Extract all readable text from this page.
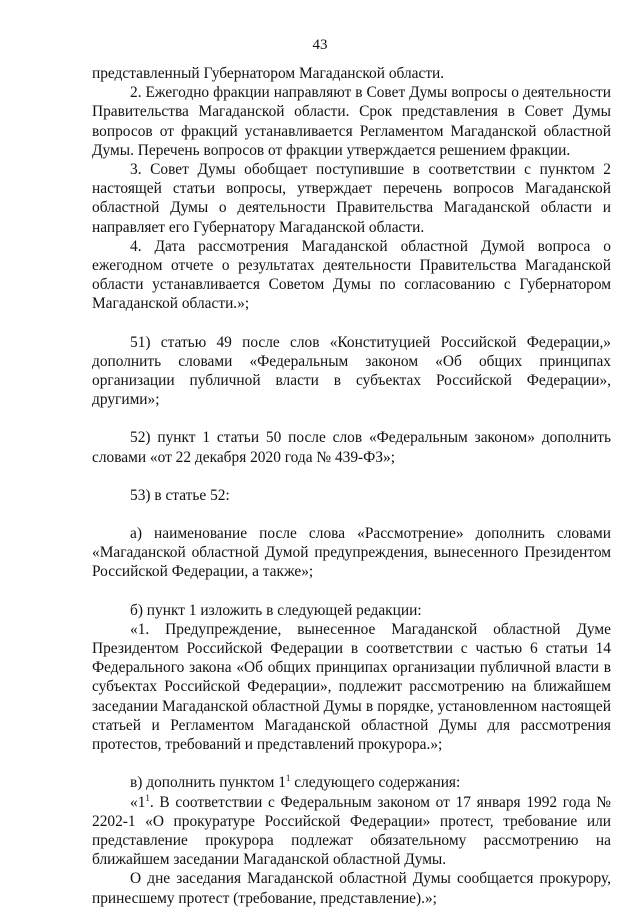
43

представленный Губернатором Магаданской области.

2. Ежегодно фракции направляют в Совет Думы вопросы о деятельности Правительства Магаданской области. Срок представления в Совет Думы вопросов от фракций устанавливается Регламентом Магаданской областной Думы. Перечень вопросов от фракции утверждается решением фракции.

3. Совет Думы обобщает поступившие в соответствии с пунктом 2 настоящей статьи вопросы, утверждает перечень вопросов Магаданской областной Думы о деятельности Правительства Магаданской области и направляет его Губернатору Магаданской области.

4. Дата рассмотрения Магаданской областной Думой вопроса о ежегодном отчете о результатах деятельности Правительства Магаданской области устанавливается Советом Думы по согласованию с Губернатором Магаданской области.»;

51) статью 49 после слов «Конституцией Российской Федерации,» дополнить словами «Федеральным законом «Об общих принципах организации публичной власти в субъектах Российской Федерации», другими»;

52) пункт 1 статьи 50 после слов «Федеральным законом» дополнить словами «от 22 декабря 2020 года № 439-ФЗ»;

53) в статье 52:

а) наименование после слова «Рассмотрение» дополнить словами «Магаданской областной Думой предупреждения, вынесенного Президентом Российской Федерации, а также»;

б) пункт 1 изложить в следующей редакции:

«1. Предупреждение, вынесенное Магаданской областной Думе Президентом Российской Федерации в соответствии с частью 6 статьи 14 Федерального закона «Об общих принципах организации публичной власти в субъектах Российской Федерации», подлежит рассмотрению на ближайшем заседании Магаданской областной Думы в порядке, установленном настоящей статьей и Регламентом Магаданской областной Думы для рассмотрения протестов, требований и представлений прокурора.»;

в) дополнить пунктом $1^1$ следующего содержания:

«$1^1$. В соответствии с Федеральным законом от 17 января 1992 года № 2202-1 «О прокуратуре Российской Федерации» протест, требование или представление прокурора подлежат обязательному рассмотрению на ближайшем заседании Магаданской областной Думы.

О дне заседания Магаданской областной Думы сообщается прокурору, принесшему протест (требование, представление).»;
